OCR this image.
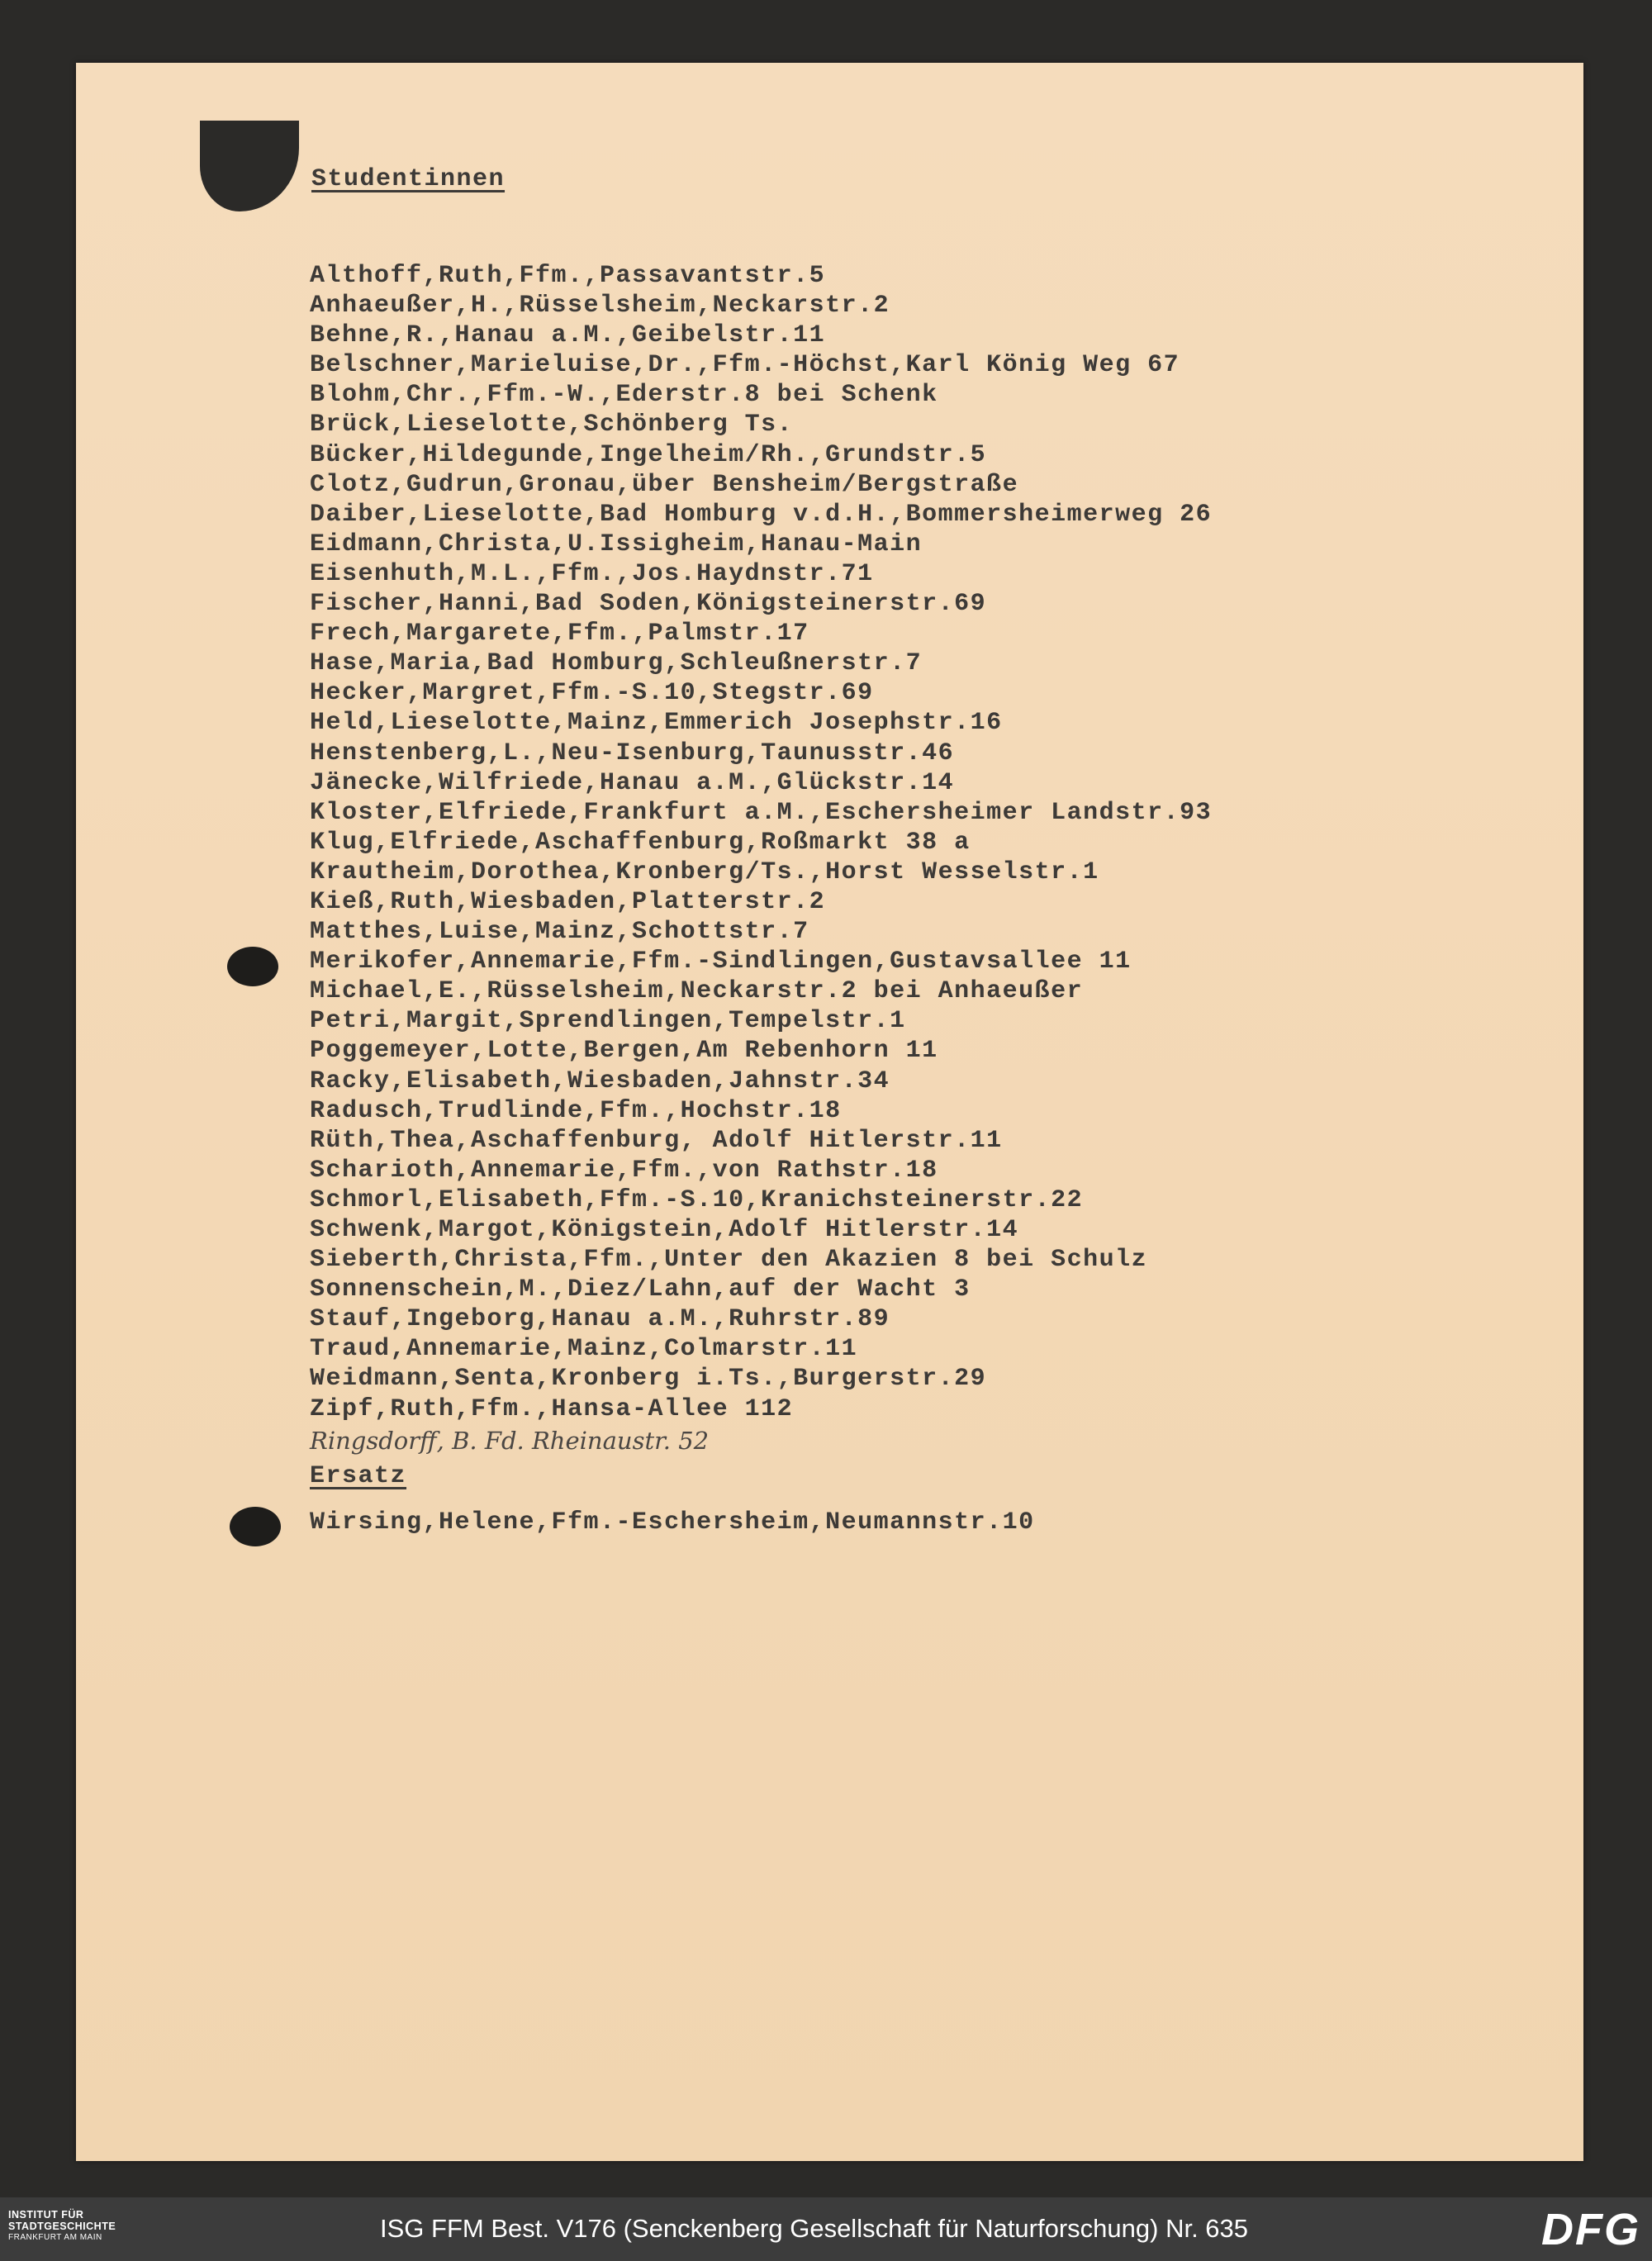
Studentinnen
Althoff,Ruth,Ffm.,Passavantstr.5
Anhaeußer,H.,Rüsselsheim,Neckarstr.2
Behne,R.,Hanau a.M.,Geibelstr.11
Belschner,Marieluise,Dr.,Ffm.-Höchst,Karl König Weg 67
Blohm,Chr.,Ffm.-W.,Ederstr.8 bei Schenk
Brück,Lieselotte,Schönberg Ts.
Bücker,Hildegunde,Ingelheim/Rh.,Grundstr.5
Clotz,Gudrun,Gronau,über Bensheim/Bergstraße
Daiber,Lieselotte,Bad Homburg v.d.H.,Bommersheimerweg 26
Eidmann,Christa,U.Issigheim,Hanau-Main
Eisenhuth,M.L.,Ffm.,Jos.Haydnstr.71
Fischer,Hanni,Bad Soden,Königsteinerstr.69
Frech,Margarete,Ffm.,Palmstr.17
Hase,Maria,Bad Homburg,Schleußnerstr.7
Hecker,Margret,Ffm.-S.10,Stegstr.69
Held,Lieselotte,Mainz,Emmerich Josephstr.16
Henstenberg,L.,Neu-Isenburg,Taunusstr.46
Jänecke,Wilfriede,Hanau a.M.,Glückstr.14
Kloster,Elfriede,Frankfurt a.M.,Eschersheimer Landstr.93
Klug,Elfriede,Aschaffenburg,Roßmarkt 38 a
Krautheim,Dorothea,Kronberg/Ts.,Horst Wesselstr.1
Kieß,Ruth,Wiesbaden,Platterstr.2
Matthes,Luise,Mainz,Schottstr.7
Merikofer,Annemarie,Ffm.-Sindlingen,Gustavsallee 11
Michael,E.,Rüsselsheim,Neckarstr.2 bei Anhaeußer
Petri,Margit,Sprendlingen,Tempelstr.1
Poggemeyer,Lotte,Bergen,Am Rebenhorn 11
Racky,Elisabeth,Wiesbaden,Jahnstr.34
Radusch,Trudlinde,Ffm.,Hochstr.18
Rüth,Thea,Aschaffenburg, Adolf Hitlerstr.11
Scharioth,Annemarie,Ffm.,von Rathstr.18
Schmorl,Elisabeth,Ffm.-S.10,Kranichsteinerstr.22
Schwenk,Margot,Königstein,Adolf Hitlerstr.14
Sieberth,Christa,Ffm.,Unter den Akazien 8 bei Schulz
Sonnenschein,M.,Diez/Lahn,auf der Wacht 3
Stauf,Ingeborg,Hanau a.M.,Ruhrstr.89
Traud,Annemarie,Mainz,Colmarstr.11
Weidmann,Senta,Kronberg i.Ts.,Burgerstr.29
Zipf,Ruth,Ffm.,Hansa-Allee 112
Ringsdorff, B. Fd. Rheinaustr. 52
Ersatz
Wirsing,Helene,Ffm.-Eschersheim,Neumannstr.10
INSTITUT FÜR
STADTGESCHICHTE
FRANKFURT AM MAIN	ISG FFM Best. V176 (Senckenberg Gesellschaft für Naturforschung) Nr. 635	DFG
